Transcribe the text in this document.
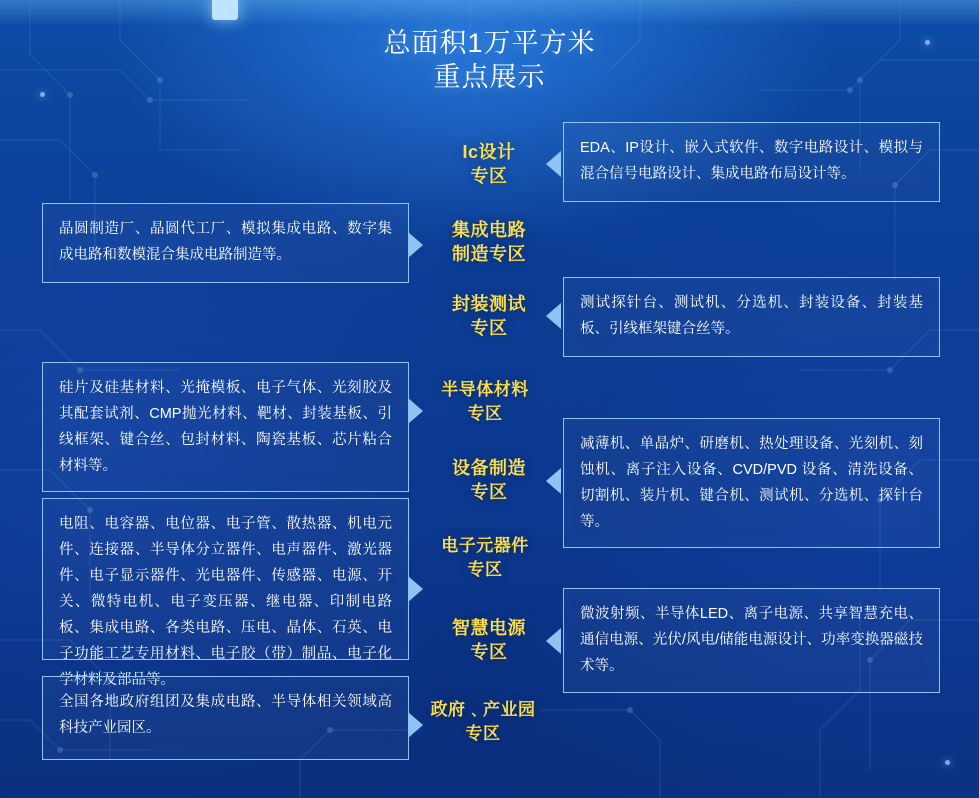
总面积1万平方米
重点展示
Ic设计
专区
EDA、IP设计、嵌入式软件、数字电路设计、模拟与混合信号电路设计、集成电路布局设计等。
集成电路
制造专区
晶圆制造厂、晶圆代工厂、模拟集成电路、数字集成电路和数模混合集成电路制造等。
封装测试
专区
测试探针台、测试机、分选机、封装设备、封装基板、引线框架键合丝等。
半导体材料
专区
硅片及硅基材料、光掩模板、电子气体、光刻胶及其配套试剂、CMP抛光材料、靶材、封装基板、引线框架、键合丝、包封材料、陶瓷基板、芯片粘合材料等。	设备制造
专区
减薄机、单晶炉、研磨机、热处理设备、光刻机、刻蚀机、离子注入设备、CVD/PVD 设备、清洗设备、切割机、装片机、键合机、测试机、分选机、探针台等。
电子元器件
专区
电阻、电容器、电位器、电子管、散热器、机电元件、连接器、半导体分立器件、电声器件、激光器件、电子显示器件、光电器件、传感器、电源、开关、微特电机、电子变压器、继电器、印制电路板、集成电路、各类电路、压电、晶体、石英、电子功能工艺专用材料、电子胶（带）制品、电子化学材料及部品等。
智慧电源
专区
微波射频、半导体LED、离子电源、共享智慧充电、通信电源、光伏/风电/储能电源设计、功率变换器磁技术等。
政府﹑产业园
专区
全国各地政府组团及集成电路、半导体相关领域高科技产业园区。
